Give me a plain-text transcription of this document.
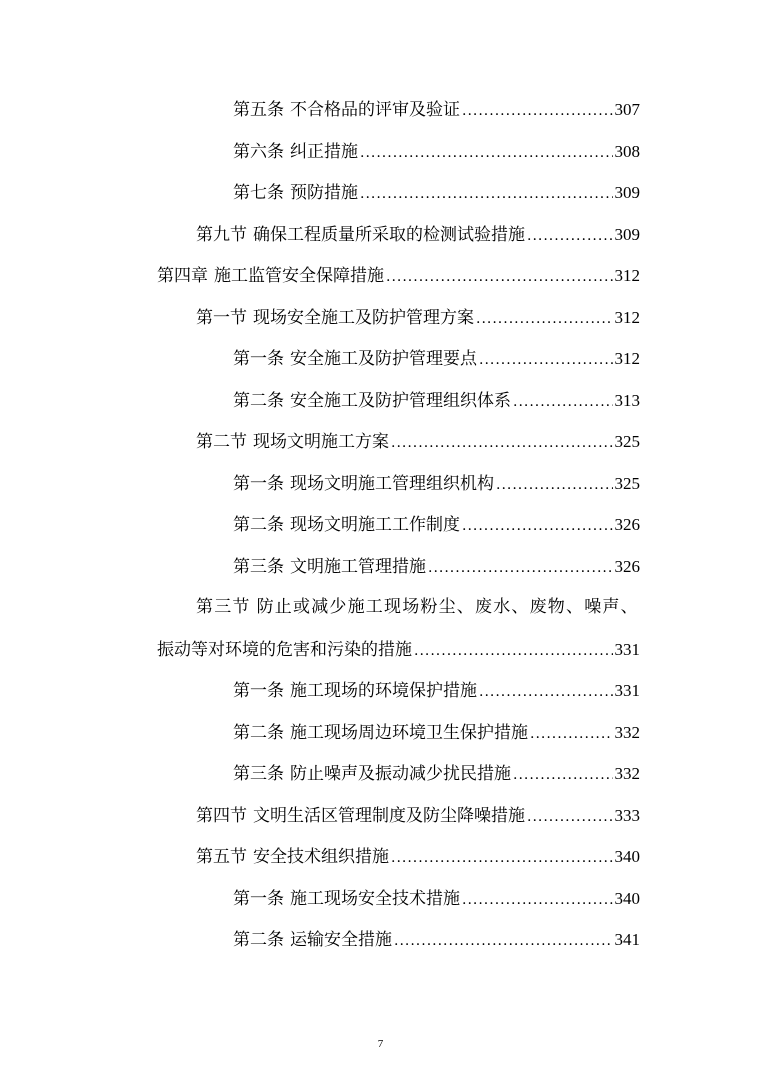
第五条 不合格品的评审及验证 .....	307
第六条 纠正措施 .....	308
第七条 预防措施 .....	309
第九节 确保工程质量所采取的检测试验措施 .....	309
第四章 施工监管安全保障措施 .....	312
第一节 现场安全施工及防护管理方案 .....	312
第一条 安全施工及防护管理要点 .....	312
第二条 安全施工及防护管理组织体系 .....	313
第二节 现场文明施工方案 .....	325
第一条 现场文明施工管理组织机构 .....	325
第二条 现场文明施工工作制度 .....	326
第三条 文明施工管理措施 .....	326
第三节 防止或减少施工现场粉尘、废水、废物、噪声、
振动等对环境的危害和污染的措施 .....	331
第一条 施工现场的环境保护措施 .....	331
第二条 施工现场周边环境卫生保护措施 .....	332
第三条 防止噪声及振动减少扰民措施 .....	332
第四节 文明生活区管理制度及防尘降噪措施 .....	333
第五节 安全技术组织措施 .....	340
第一条 施工现场安全技术措施 .....	340
第二条 运输安全措施 .....	341
7
